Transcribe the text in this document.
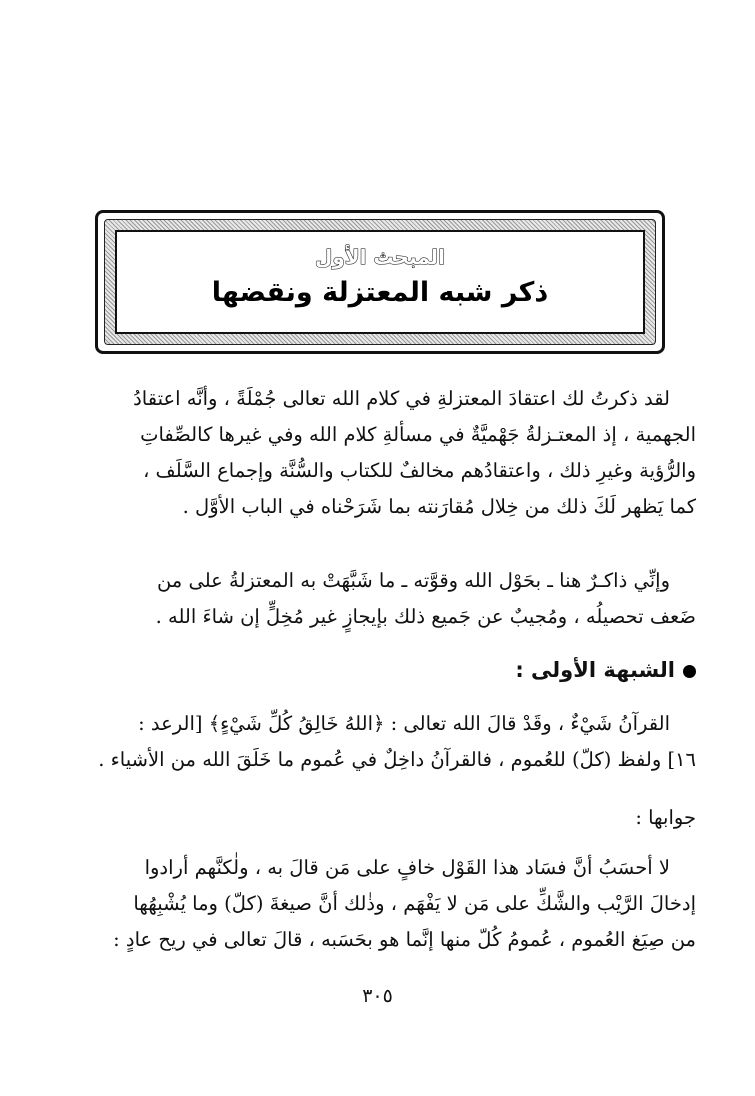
المبحث الأول
ذكر شبه المعتزلة ونقضها

لقد ذكرتُ لك اعتقادَ المعتزلةِ في كلام الله تعالى جُمْلَةً ، وأنَّه اعتقادُ

الجهمية ، إذ المعتـزلةُ جَهْميَّةٌ في مسألةِ كلام الله وفي غيرها كالصِّفاتِ

والرُّؤية وغيرِ ذلك ، واعتقادُهم مخالفٌ للكتاب والسُّنَّة وإجماع السَّلَف ،

كما يَظهر لَكَ ذلك من خِلال مُقارَنته بما شَرَحْناه في الباب الأوَّل .

وإنِّي ذاكـرٌ هنا ـ بحَوْل الله وقوَّته ـ ما شَبَّهَتْ به المعتزلةُ على من

ضَعف تحصيلُه ، ومُجيبٌ عن جَميع ذلك بإيجازٍ غير مُخِلٍّ إن شاءَ الله .

الشبهة الأولى :

القرآنُ شَيْءٌ ، وقَدْ قالَ الله تعالى : ﴿اللهُ خَالِقُ كُلِّ شَيْءٍ﴾ [الرعد :

١٦] ولفظ (كلّ) للعُموم ، فالقرآنُ داخِلٌ في عُموم ما خَلَقَ الله من الأشياء .

جوابها :

لا أحسَبُ أنَّ فسَاد هذا القَوْل خافٍ على مَن قالَ به ، ولٰكنَّهم أرادوا

إدخالَ الرَّيْب والشَّكِّ على مَن لا يَفْهَم ، وذٰلك أنَّ صيغةَ (كلّ) وما يُشْبِهُها

من صِيَغ العُموم ، عُمومُ كُلّ منها إنَّما هو بحَسَبه ، قالَ تعالى في ريح عادٍ :

٣٠٥
